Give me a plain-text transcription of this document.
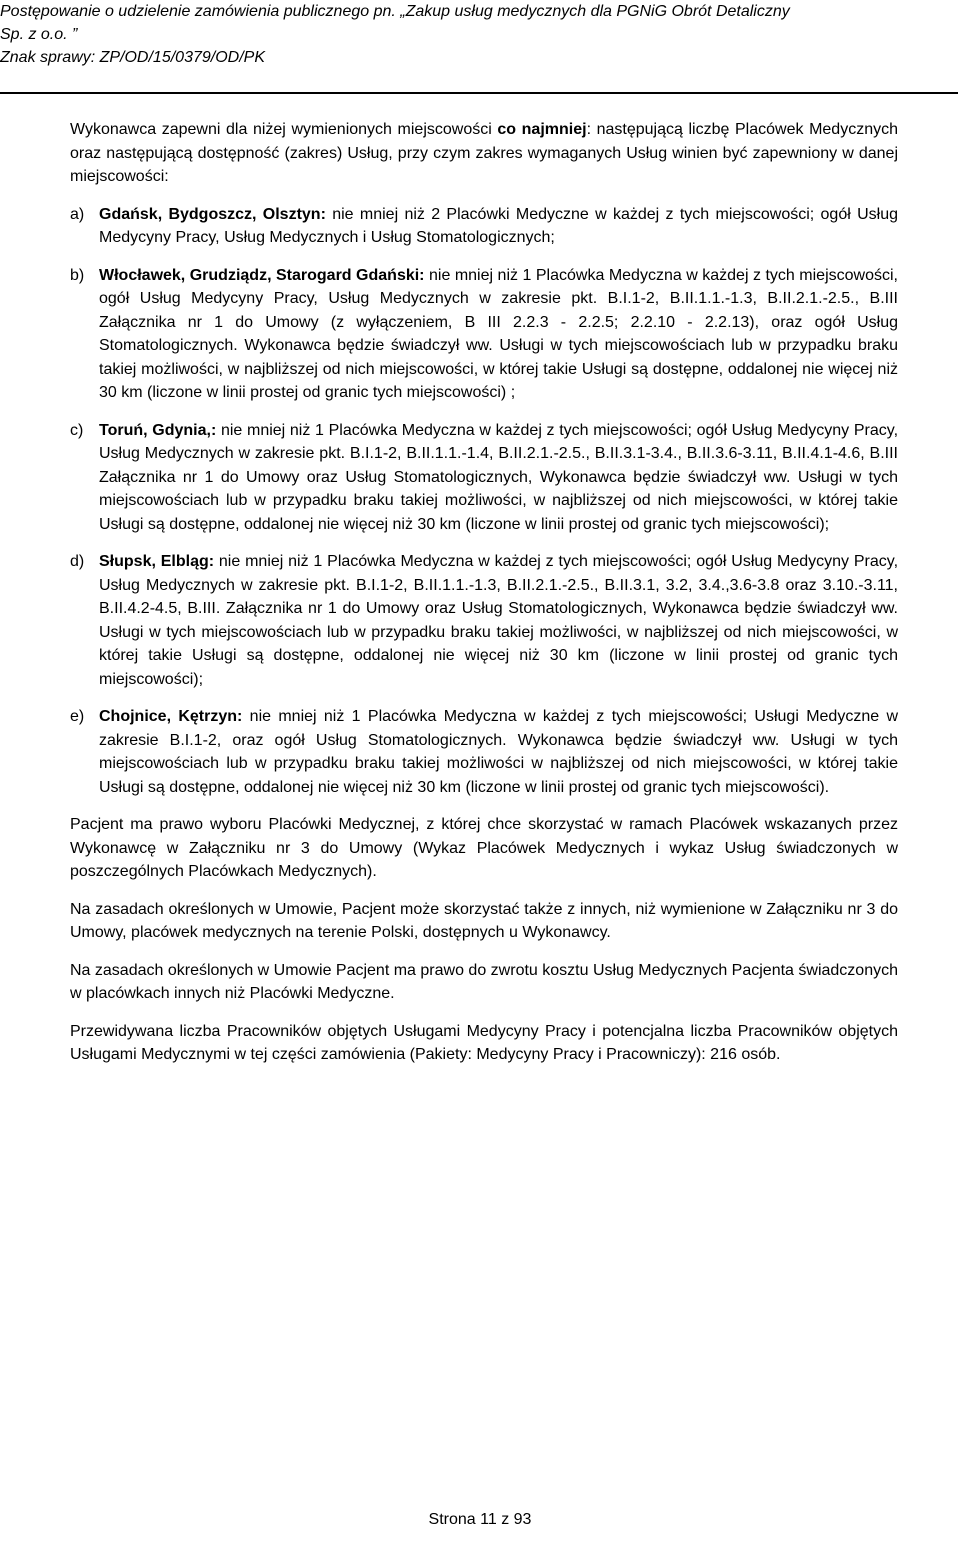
Postępowanie o udzielenie zamówienia publicznego pn. „Zakup usług medycznych dla PGNiG Obrót Detaliczny
Sp. z o.o. ”
Znak sprawy: ZP/OD/15/0379/OD/PK

Wykonawca zapewni dla niżej wymienionych miejscowości co najmniej: następującą liczbę Placówek Medycznych oraz następującą dostępność (zakres) Usług, przy czym zakres wymaganych Usług winien być zapewniony w danej miejscowości:

a) Gdańsk, Bydgoszcz, Olsztyn: nie mniej niż 2 Placówki Medyczne w każdej z tych miejscowości; ogół Usług Medycyny Pracy, Usług Medycznych i Usług Stomatologicznych;
b) Włocławek, Grudziądz, Starogard Gdański: nie mniej niż 1 Placówka Medyczna w każdej z tych miejscowości, ogół Usług Medycyny Pracy, Usług Medycznych w zakresie pkt. B.I.1-2, B.II.1.1.-1.3, B.II.2.1.-2.5., B.III Załącznika nr 1 do Umowy (z wyłączeniem, B III 2.2.3 - 2.2.5; 2.2.10 - 2.2.13), oraz ogół Usług Stomatologicznych. Wykonawca będzie świadczył ww. Usługi w tych miejscowościach lub w przypadku braku takiej możliwości, w najbliższej od nich miejscowości, w której takie Usługi są dostępne, oddalonej nie więcej niż 30 km (liczone w linii prostej od granic tych miejscowości) ;
c) Toruń, Gdynia,: nie mniej niż 1 Placówka Medyczna w każdej z tych miejscowości; ogół Usług Medycyny Pracy, Usług Medycznych w zakresie pkt. B.I.1-2, B.II.1.1.-1.4, B.II.2.1.-2.5., B.II.3.1-3.4., B.II.3.6-3.11, B.II.4.1-4.6, B.III Załącznika nr 1 do Umowy oraz Usług Stomatologicznych, Wykonawca będzie świadczył ww. Usługi w tych miejscowościach lub w przypadku braku takiej możliwości, w najbliższej od nich miejscowości, w której takie Usługi są dostępne, oddalonej nie więcej niż 30 km (liczone w linii prostej od granic tych miejscowości);
d) Słupsk, Elbląg: nie mniej niż 1 Placówka Medyczna w każdej z tych miejscowości; ogół Usług Medycyny Pracy, Usług Medycznych w zakresie pkt. B.I.1-2, B.II.1.1.-1.3, B.II.2.1.-2.5., B.II.3.1, 3.2, 3.4.,3.6-3.8 oraz 3.10.-3.11, B.II.4.2-4.5, B.III. Załącznika nr 1 do Umowy oraz Usług Stomatologicznych, Wykonawca będzie świadczył ww. Usługi w tych miejscowościach lub w przypadku braku takiej możliwości, w najbliższej od nich miejscowości, w której takie Usługi są dostępne, oddalonej nie więcej niż 30 km (liczone w linii prostej od granic tych miejscowości);
e) Chojnice, Kętrzyn: nie mniej niż 1 Placówka Medyczna w każdej z tych miejscowości; Usługi Medyczne w zakresie B.I.1-2, oraz ogół Usług Stomatologicznych. Wykonawca będzie świadczył ww. Usługi w tych miejscowościach lub w przypadku braku takiej możliwości w najbliższej od nich miejscowości, w której takie Usługi są dostępne, oddalonej nie więcej niż 30 km (liczone w linii prostej od granic tych miejscowości).

Pacjent ma prawo wyboru Placówki Medycznej, z której chce skorzystać w ramach Placówek wskazanych przez Wykonawcę w Załączniku nr 3 do Umowy (Wykaz Placówek Medycznych i wykaz Usług świadczonych w poszczególnych Placówkach Medycznych).

Na zasadach określonych w Umowie, Pacjent może skorzystać także z innych, niż wymienione w Załączniku nr 3 do Umowy, placówek medycznych na terenie Polski, dostępnych u Wykonawcy.

Na zasadach określonych w Umowie Pacjent ma prawo do zwrotu kosztu Usług Medycznych Pacjenta świadczonych w placówkach innych niż Placówki Medyczne.

Przewidywana liczba Pracowników objętych Usługami Medycyny Pracy i potencjalna liczba Pracowników objętych Usługami Medycznymi w tej części zamówienia (Pakiety: Medycyny Pracy i Pracowniczy): 216 osób.

Strona 11 z 93
